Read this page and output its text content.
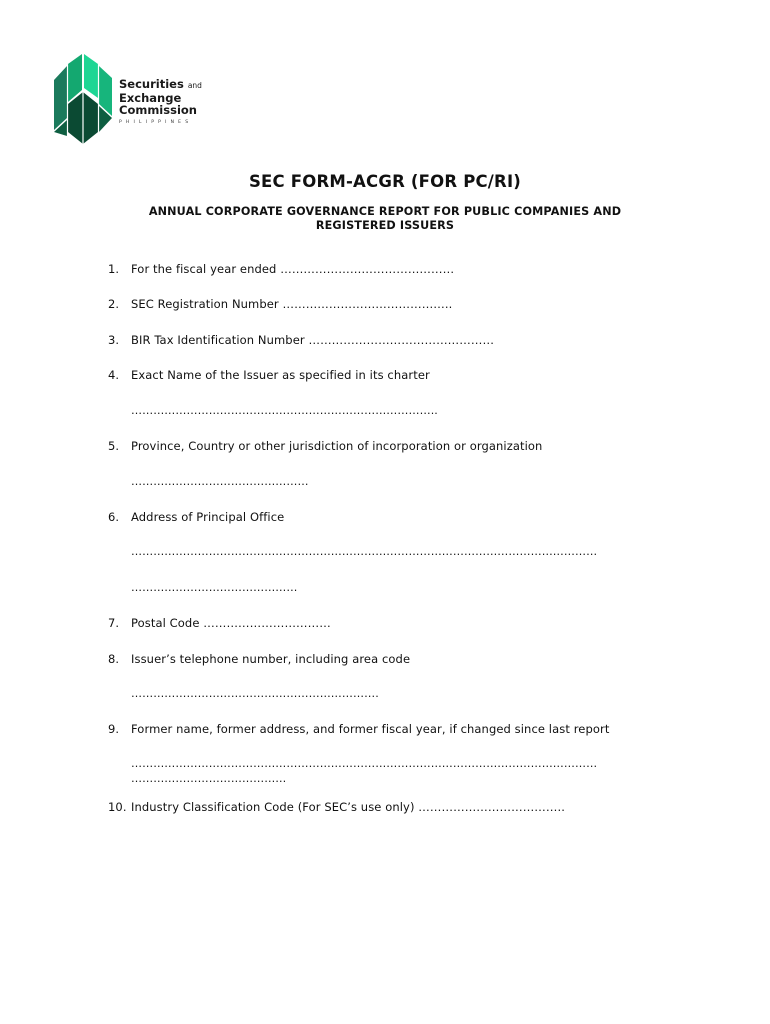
Securities and
Exchange
Commission
PHILIPPINES
SEC FORM-ACGR (FOR PC/RI)
ANNUAL CORPORATE GOVERNANCE REPORT FOR PUBLIC COMPANIES AND
REGISTERED ISSUERS
1. For the fiscal year ended ………………………………………
2. SEC Registration Number ……………………………………..
3. BIR Tax Identification Number …………………………………………
4. Exact Name of the Issuer as specified in its charter
………………………………………………………………………..
5. Province, Country or other jurisdiction of incorporation or organization
…………………………………………
6. Address of Principal Office
………………………………………………………………………………………………………………
………………………………………
7. Postal Code ……………………………
8. Issuer’s telephone number, including area code
………………………………………………………….
9. Former name, former address, and former fiscal year, if changed since last report
………………………………………………………………………………………………………………
……………………………………
10. Industry Classification Code (For SEC’s use only) ………………………………..
